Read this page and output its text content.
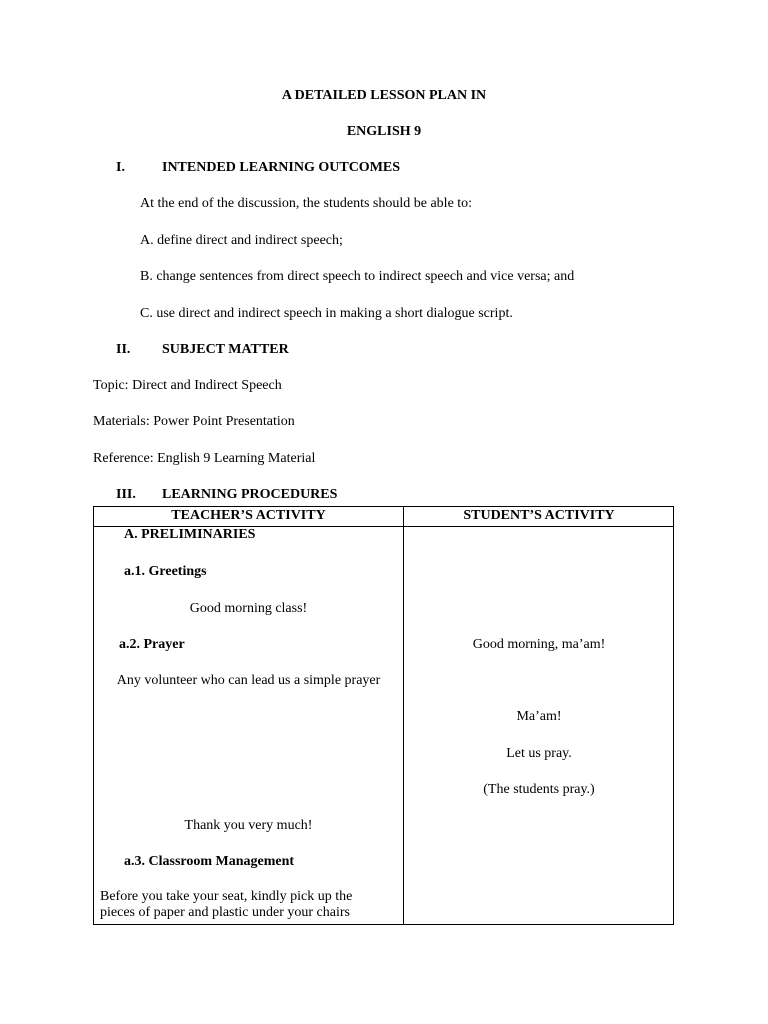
A DETAILED LESSON PLAN IN
ENGLISH 9
I.	INTENDED LEARNING OUTCOMES
At the end of the discussion, the students should be able to:
A. define direct and indirect speech;
B. change sentences from direct speech to indirect speech and vice versa; and
C. use direct and indirect speech in making a short dialogue script.
II. SUBJECT MATTER
Topic: Direct and Indirect Speech
Materials: Power Point Presentation
Reference: English 9 Learning Material
III. LEARNING PROCEDURES
TEACHER’S ACTIVITY	STUDENT’S ACTIVITY
A. PRELIMINARIES
a.1. Greetings
Good morning class!
a.2. Prayer
Any volunteer who can lead us a simple prayer
Thank you very much!
a.3. Classroom Management
Before you take your seat, kindly pick up the pieces of paper and plastic under your chairs
Good morning, ma’am!
Ma’am!
Let us pray.
(The students pray.)
